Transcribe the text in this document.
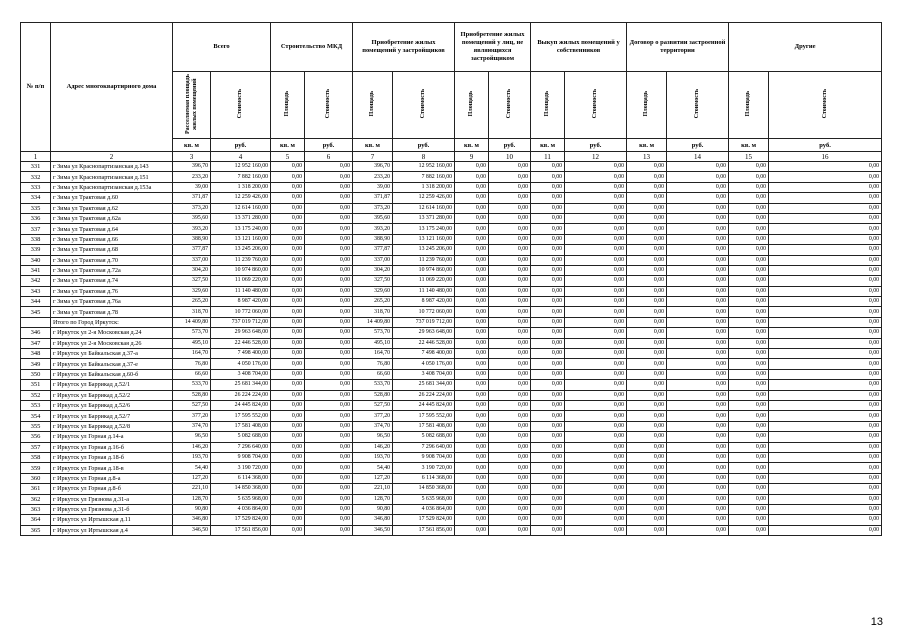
№ п/п	Адрес многоквартирного дома	Всего		Строительство МКД		Приобретение жилых помещений у застройщиков		Приобретение жилых помещений у лиц, не являющихся застройщиком		Выкуп жилых помещений у собственников		Договор о развитии застроенной территории		Другие	
		Расселяемая площадь жилых помещений	Стоимость	Площадь	Стоимость	Площадь	Стоимость	Площадь	Стоимость	Площадь	Стоимость	Площадь	Стоимость	Площадь	Стоимость
		кв. м	руб.	кв. м	руб.	кв. м	руб.	кв. м	руб.	кв. м	руб.	кв. м	руб.	кв. м	руб.
1	2	3	4	5	6	7	8	9	10	11	12	13	14	15	16
331	г Зима ул Краснопартизанская д.143	396,70	12 952 160,00	0,00	0,00	396,70	12 952 160,00	0,00	0,00	0,00	0,00	0,00	0,00	0,00	0,00
332	г Зима ул Краснопартизанская д.151	233,20	7 882 160,00	0,00	0,00	233,20	7 882 160,00	0,00	0,00	0,00	0,00	0,00	0,00	0,00	0,00
333	г Зима ул Краснопартизанская д.153а	39,00	1 318 200,00	0,00	0,00	39,00	1 318 200,00	0,00	0,00	0,00	0,00	0,00	0,00	0,00	0,00
334	г Зима ул Трактовая д.60	371,87	12 259 426,00	0,00	0,00	371,87	12 259 426,00	0,00	0,00	0,00	0,00	0,00	0,00	0,00	0,00
335	г Зима ул Трактовая д.62	373,20	12 614 160,00	0,00	0,00	373,20	12 614 160,00	0,00	0,00	0,00	0,00	0,00	0,00	0,00	0,00
336	г Зима ул Трактовая д.62а	395,60	13 371 280,00	0,00	0,00	395,60	13 371 280,00	0,00	0,00	0,00	0,00	0,00	0,00	0,00	0,00
337	г Зима ул Трактовая д.64	393,20	13 175 240,00	0,00	0,00	393,20	13 175 240,00	0,00	0,00	0,00	0,00	0,00	0,00	0,00	0,00
338	г Зима ул Трактовая д.66	388,90	13 121 160,00	0,00	0,00	388,90	13 121 160,00	0,00	0,00	0,00	0,00	0,00	0,00	0,00	0,00
339	г Зима ул Трактовая д.68	377,87	13 245 206,00	0,00	0,00	377,87	13 245 206,00	0,00	0,00	0,00	0,00	0,00	0,00	0,00	0,00
340	г Зима ул Трактовая д.70	337,00	11 239 760,00	0,00	0,00	337,00	11 239 760,00	0,00	0,00	0,00	0,00	0,00	0,00	0,00	0,00
341	г Зима ул Трактовая д.72а	304,20	10 974 860,00	0,00	0,00	304,20	10 974 860,00	0,00	0,00	0,00	0,00	0,00	0,00	0,00	0,00
342	г Зима ул Трактовая д.74	327,50	11 069 220,00	0,00	0,00	327,50	11 069 220,00	0,00	0,00	0,00	0,00	0,00	0,00	0,00	0,00
343	г Зима ул Трактовая д.76	329,60	11 140 480,00	0,00	0,00	329,60	11 140 480,00	0,00	0,00	0,00	0,00	0,00	0,00	0,00	0,00
344	г Зима ул Трактовая д.76а	265,20	8 987 420,00	0,00	0,00	265,20	8 987 420,00	0,00	0,00	0,00	0,00	0,00	0,00	0,00	0,00
345	г Зима ул Трактовая д.78	318,70	10 772 060,00	0,00	0,00	318,70	10 772 060,00	0,00	0,00	0,00	0,00	0,00	0,00	0,00	0,00
	Итого по Город Иркутск:	14 409,80	737 019 712,00	0,00	0,00	14 409,80	737 019 712,00	0,00	0,00	0,00	0,00	0,00	0,00	0,00	0,00
346	г Иркутск ул 2-я Московская д.24	573,70	29 963 648,00	0,00	0,00	573,70	29 963 648,00	0,00	0,00	0,00	0,00	0,00	0,00	0,00	0,00
347	г Иркутск ул 2-я Московская д.26	495,10	22 446 528,00	0,00	0,00	495,10	22 446 528,00	0,00	0,00	0,00	0,00	0,00	0,00	0,00	0,00
348	г Иркутск ул Байкальская д.37-а	164,70	7 498 400,00	0,00	0,00	164,70	7 498 400,00	0,00	0,00	0,00	0,00	0,00	0,00	0,00	0,00
349	г Иркутск ул Байкальская д.37-е	76,80	4 050 176,00	0,00	0,00	76,80	4 050 176,00	0,00	0,00	0,00	0,00	0,00	0,00	0,00	0,00
350	г Иркутск ул Байкальская д.60-б	66,60	3 408 704,00	0,00	0,00	66,60	3 408 704,00	0,00	0,00	0,00	0,00	0,00	0,00	0,00	0,00
351	г Иркутск ул Баррикад д.52/1	533,70	25 681 344,00	0,00	0,00	533,70	25 681 344,00	0,00	0,00	0,00	0,00	0,00	0,00	0,00	0,00
352	г Иркутск ул Баррикад д.52/2	528,80	26 224 224,00	0,00	0,00	528,80	26 224 224,00	0,00	0,00	0,00	0,00	0,00	0,00	0,00	0,00
353	г Иркутск ул Баррикад д.52/6	527,50	24 445 824,00	0,00	0,00	527,50	24 445 824,00	0,00	0,00	0,00	0,00	0,00	0,00	0,00	0,00
354	г Иркутск ул Баррикад д.52/7	377,20	17 595 552,00	0,00	0,00	377,20	17 595 552,00	0,00	0,00	0,00	0,00	0,00	0,00	0,00	0,00
355	г Иркутск ул Баррикад д.52/8	374,70	17 581 408,00	0,00	0,00	374,70	17 581 408,00	0,00	0,00	0,00	0,00	0,00	0,00	0,00	0,00
356	г Иркутск ул Горная д.14-а	96,50	5 082 688,00	0,00	0,00	96,50	5 082 688,00	0,00	0,00	0,00	0,00	0,00	0,00	0,00	0,00
357	г Иркутск ул Горная д.16-б	146,20	7 296 640,00	0,00	0,00	146,20	7 296 640,00	0,00	0,00	0,00	0,00	0,00	0,00	0,00	0,00
358	г Иркутск ул Горная д.18-б	193,70	9 908 704,00	0,00	0,00	193,70	9 908 704,00	0,00	0,00	0,00	0,00	0,00	0,00	0,00	0,00
359	г Иркутск ул Горная д.18-в	54,40	3 190 720,00	0,00	0,00	54,40	3 190 720,00	0,00	0,00	0,00	0,00	0,00	0,00	0,00	0,00
360	г Иркутск ул Горная д.8-а	127,20	6 114 368,00	0,00	0,00	127,20	6 114 368,00	0,00	0,00	0,00	0,00	0,00	0,00	0,00	0,00
361	г Иркутск ул Горная д.8-б	221,10	14 850 368,00	0,00	0,00	221,10	14 850 368,00	0,00	0,00	0,00	0,00	0,00	0,00	0,00	0,00
362	г Иркутск ул Грязнова д.31-а	128,70	5 635 968,00	0,00	0,00	128,70	5 635 968,00	0,00	0,00	0,00	0,00	0,00	0,00	0,00	0,00
363	г Иркутск ул Грязнова д.31-б	90,80	4 036 864,00	0,00	0,00	90,80	4 036 864,00	0,00	0,00	0,00	0,00	0,00	0,00	0,00	0,00
364	г Иркутск ул Иртышская д.11	346,80	17 529 824,00	0,00	0,00	346,80	17 529 824,00	0,00	0,00	0,00	0,00	0,00	0,00	0,00	0,00
365	г Иркутск ул Иртышская д.4	346,50	17 561 856,00	0,00	0,00	346,50	17 561 856,00	0,00	0,00	0,00	0,00	0,00	0,00	0,00	0,00
13
